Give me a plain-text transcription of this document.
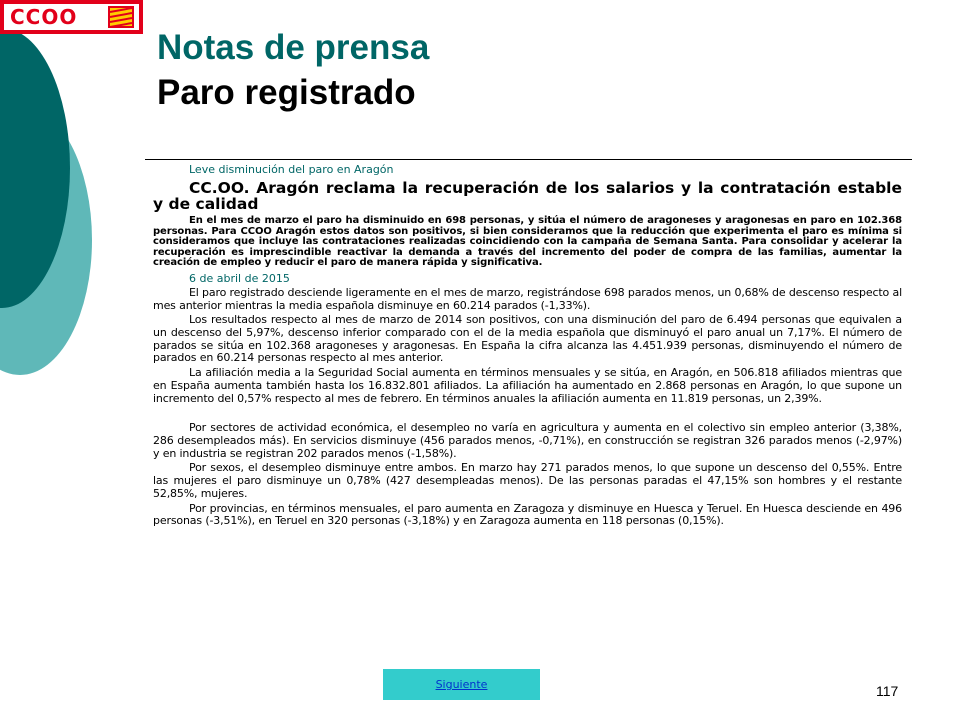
CCOO
Notas de prensa
Paro registrado

Leve disminución del paro en Aragón

CC.OO. Aragón reclama la recuperación de los salarios y la contratación estable y de calidad

En el mes de marzo el paro ha disminuido en 698 personas, y sitúa el número de aragoneses y aragonesas en paro en 102.368 personas. Para CCOO Aragón estos datos son positivos, si bien consideramos que la reducción que experimenta el paro es mínima si consideramos que incluye las contrataciones realizadas coincidiendo con la campaña de Semana Santa. Para consolidar y acelerar la recuperación es imprescindible reactivar la demanda a través del incremento del poder de compra de las familias, aumentar la creación de empleo y reducir el paro de manera rápida y significativa.

6 de abril de 2015

El paro registrado desciende ligeramente en el mes de marzo, registrándose 698 parados menos, un 0,68% de descenso respecto al mes anterior mientras la media española disminuye en 60.214 parados (-1,33%).

Los resultados respecto al mes de marzo de 2014 son positivos, con una disminución del paro de 6.494 personas que equivalen a un descenso del 5,97%, descenso inferior comparado con el de la media española que disminuyó el paro anual un 7,17%. El número de parados se sitúa en 102.368 aragoneses y aragonesas. En España la cifra alcanza las 4.451.939 personas, disminuyendo el número de parados en 60.214 personas respecto al mes anterior.

La afiliación media a la Seguridad Social aumenta en términos mensuales y se sitúa, en Aragón, en 506.818 afiliados mientras que en España aumenta también hasta los 16.832.801 afiliados. La afiliación ha aumentado en 2.868 personas en Aragón, lo que supone un incremento del 0,57% respecto al mes de febrero. En términos anuales la afiliación aumenta en 11.819 personas, un 2,39%.

Por sectores de actividad económica, el desempleo no varía en agricultura y aumenta en el colectivo sin empleo anterior (3,38%, 286 desempleados más). En servicios disminuye (456 parados menos, -0,71%), en construcción se registran 326 parados menos (-2,97%) y en industria se registran 202 parados menos (-1,58%).

Por sexos, el desempleo disminuye entre ambos. En marzo hay 271 parados menos, lo que supone un descenso del 0,55%. Entre las mujeres el paro disminuye un 0,78% (427 desempleadas menos). De las personas paradas el 47,15% son hombres y el restante 52,85%, mujeres.

Por provincias, en términos mensuales, el paro aumenta en Zaragoza y disminuye en Huesca y Teruel. En Huesca desciende en 496 personas (-3,51%), en Teruel en 320 personas (-3,18%) y en Zaragoza aumenta en 118 personas (0,15%).

Siguiente	117
